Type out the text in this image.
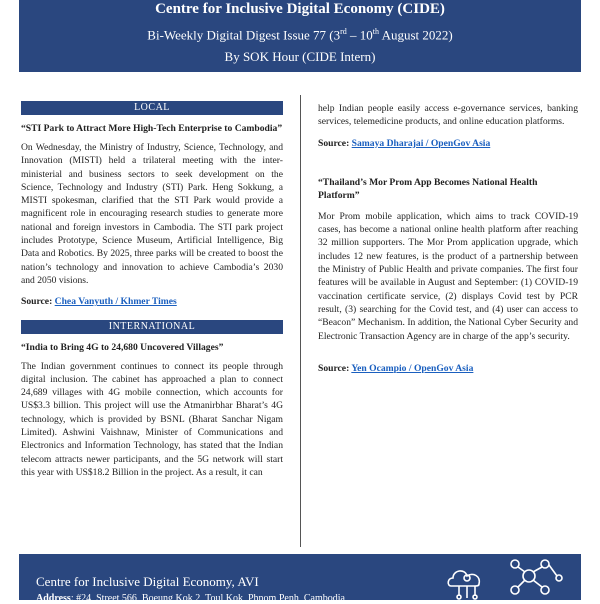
Centre for Inclusive Digital Economy (CIDE)
Bi-Weekly Digital Digest Issue 77 (3rd – 10th August 2022)
By SOK Hour (CIDE Intern)
LOCAL
“STI Park to Attract More High-Tech Enterprise to Cambodia”

On Wednesday, the Ministry of Industry, Science, Technology, and Innovation (MISTI) held a trilateral meeting with the inter-ministerial and business sectors to seek development on the Science, Technology and Industry (STI) Park. Heng Sokkung, a MISTI spokesman, clarified that the STI Park would provide a magnificent role in encouraging research studies to generate more national and foreign investors in Cambodia. The STI park project includes Prototype, Science Museum, Artificial Intelligence, Big Data and Robotics. By 2025, three parks will be created to boost the nation’s technology and innovation to achieve Cambodia’s 2030 and 2050 visions.

Source: Chea Vanyuth / Khmer Times

INTERNATIONAL
“India to Bring 4G to 24,680 Uncovered Villages”

The Indian government continues to connect its people through digital inclusion. The cabinet has approached a plan to connect 24,689 villages with 4G mobile connection, which accounts for US$3.3 billion. This project will use the Atmanirbhar Bharat’s 4G technology, which is provided by BSNL (Bharat Sanchar Nigam Limited). Ashwini Vaishnaw, Minister of Communications and Electronics and Information Technology, has stated that the Indian telecom attracts newer participants, and the 5G network will start this year with US$18.2 Billion in the project. As a result, it can

help Indian people easily access e-governance services, banking services, telemedicine products, and online education platforms.

Source: Samaya Dharajai / OpenGov Asia

“Thailand’s Mor Prom App Becomes National Health Platform”

Mor Prom mobile application, which aims to track COVID-19 cases, has become a national online health platform after reaching 32 million supporters. The Mor Prom application upgrade, which includes 12 new features, is the product of a partnership between the Ministry of Public Health and private companies. The first four features will be available in August and September: (1) COVID-19 vaccination certificate service, (2) displays Covid test by PCR result, (3) searching for the Covid test, and (4) user can access to “Beacon” Mechanism. In addition, the National Cyber Security and Electronic Transaction Agency are in charge of the app’s security.

Source: Yen Ocampio / OpenGov Asia

Centre for Inclusive Digital Economy, AVI
Address: #24, Street 566, Boeung Kok 2, Toul Kok, Phnom Penh, Cambodia
